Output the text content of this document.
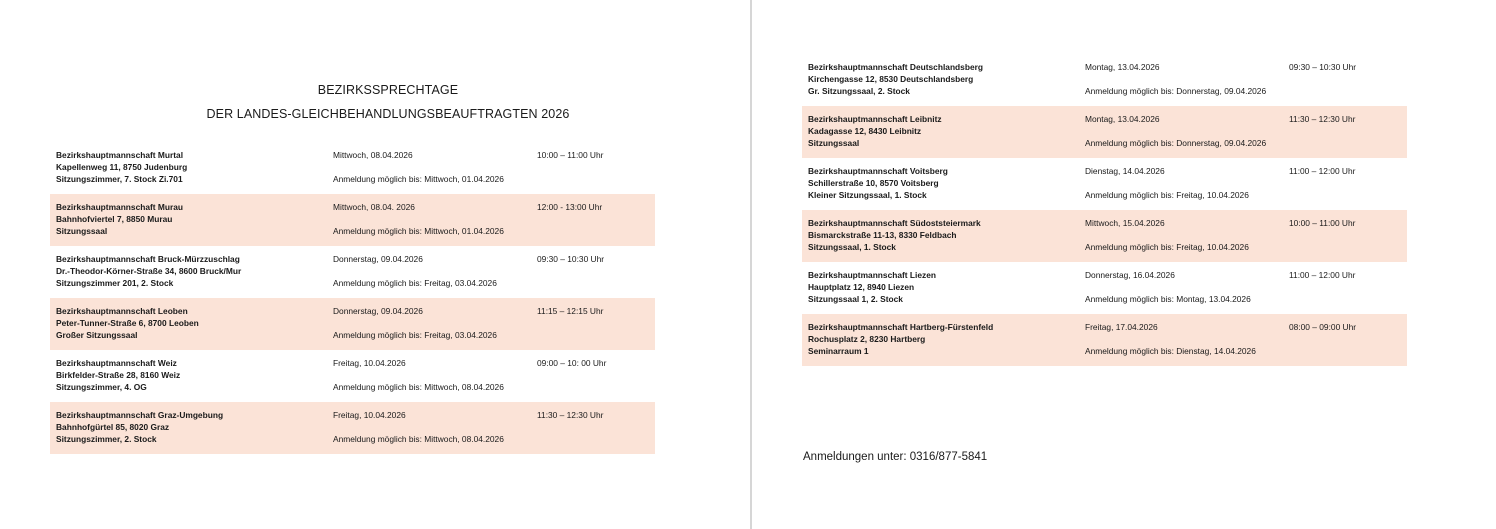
BEZIRKSSPRECHTAGE
DER LANDES-GLEICHBEHANDLUNGSBEAUFTRAGTEN 2026
Bezirkshauptmannschaft Murtal
Kapellenweg 11, 8750 Judenburg
Sitzungszimmer, 7. Stock Zi.701
Mittwoch, 08.04.2026
Anmeldung möglich bis: Mittwoch, 01.04.2026
10:00 – 11:00 Uhr
Bezirkshauptmannschaft Murau
Bahnhofviertel 7, 8850 Murau
Sitzungssaal
Mittwoch, 08.04. 2026
Anmeldung möglich bis: Mittwoch, 01.04.2026
12:00 - 13:00 Uhr
Bezirkshauptmannschaft Bruck-Mürzzuschlag
Dr.-Theodor-Körner-Straße 34, 8600 Bruck/Mur
Sitzungszimmer 201, 2. Stock
Donnerstag, 09.04.2026
Anmeldung möglich bis: Freitag, 03.04.2026
09:30 – 10:30 Uhr
Bezirkshauptmannschaft Leoben
Peter-Tunner-Straße 6, 8700 Leoben
Großer Sitzungssaal
Donnerstag, 09.04.2026
Anmeldung möglich bis: Freitag, 03.04.2026
11:15 – 12:15 Uhr
Bezirkshauptmannschaft Weiz
Birkfelder-Straße 28, 8160 Weiz
Sitzungszimmer, 4. OG
Freitag, 10.04.2026
Anmeldung möglich bis: Mittwoch, 08.04.2026
09:00 – 10: 00 Uhr
Bezirkshauptmannschaft Graz-Umgebung
Bahnhofgürtel 85, 8020 Graz
Sitzungszimmer, 2. Stock
Freitag, 10.04.2026
Anmeldung möglich bis: Mittwoch, 08.04.2026
11:30 – 12:30 Uhr
Bezirkshauptmannschaft Deutschlandsberg
Kirchengasse 12, 8530 Deutschlandsberg
Gr. Sitzungssaal, 2. Stock
Montag, 13.04.2026
Anmeldung möglich bis: Donnerstag, 09.04.2026
09:30 – 10:30 Uhr
Bezirkshauptmannschaft Leibnitz
Kadagasse 12, 8430 Leibnitz
Sitzungssaal
Montag, 13.04.2026
Anmeldung möglich bis: Donnerstag, 09.04.2026
11:30 – 12:30 Uhr
Bezirkshauptmannschaft Voitsberg
Schillerstraße 10, 8570 Voitsberg
Kleiner Sitzungssaal, 1. Stock
Dienstag, 14.04.2026
Anmeldung möglich bis: Freitag, 10.04.2026
11:00 – 12:00 Uhr
Bezirkshauptmannschaft Südoststeiermark
Bismarckstraße 11-13, 8330 Feldbach
Sitzungssaal, 1. Stock
Mittwoch, 15.04.2026
Anmeldung möglich bis: Freitag, 10.04.2026
10:00 – 11:00 Uhr
Bezirkshauptmannschaft Liezen
Hauptplatz 12, 8940 Liezen
Sitzungssaal 1, 2. Stock
Donnerstag, 16.04.2026
Anmeldung möglich bis: Montag, 13.04.2026
11:00 – 12:00 Uhr
Bezirkshauptmannschaft Hartberg-Fürstenfeld
Rochusplatz 2, 8230 Hartberg
Seminarraum 1
Freitag, 17.04.2026
Anmeldung möglich bis: Dienstag, 14.04.2026
08:00 – 09:00 Uhr
Anmeldungen unter: 0316/877-5841
